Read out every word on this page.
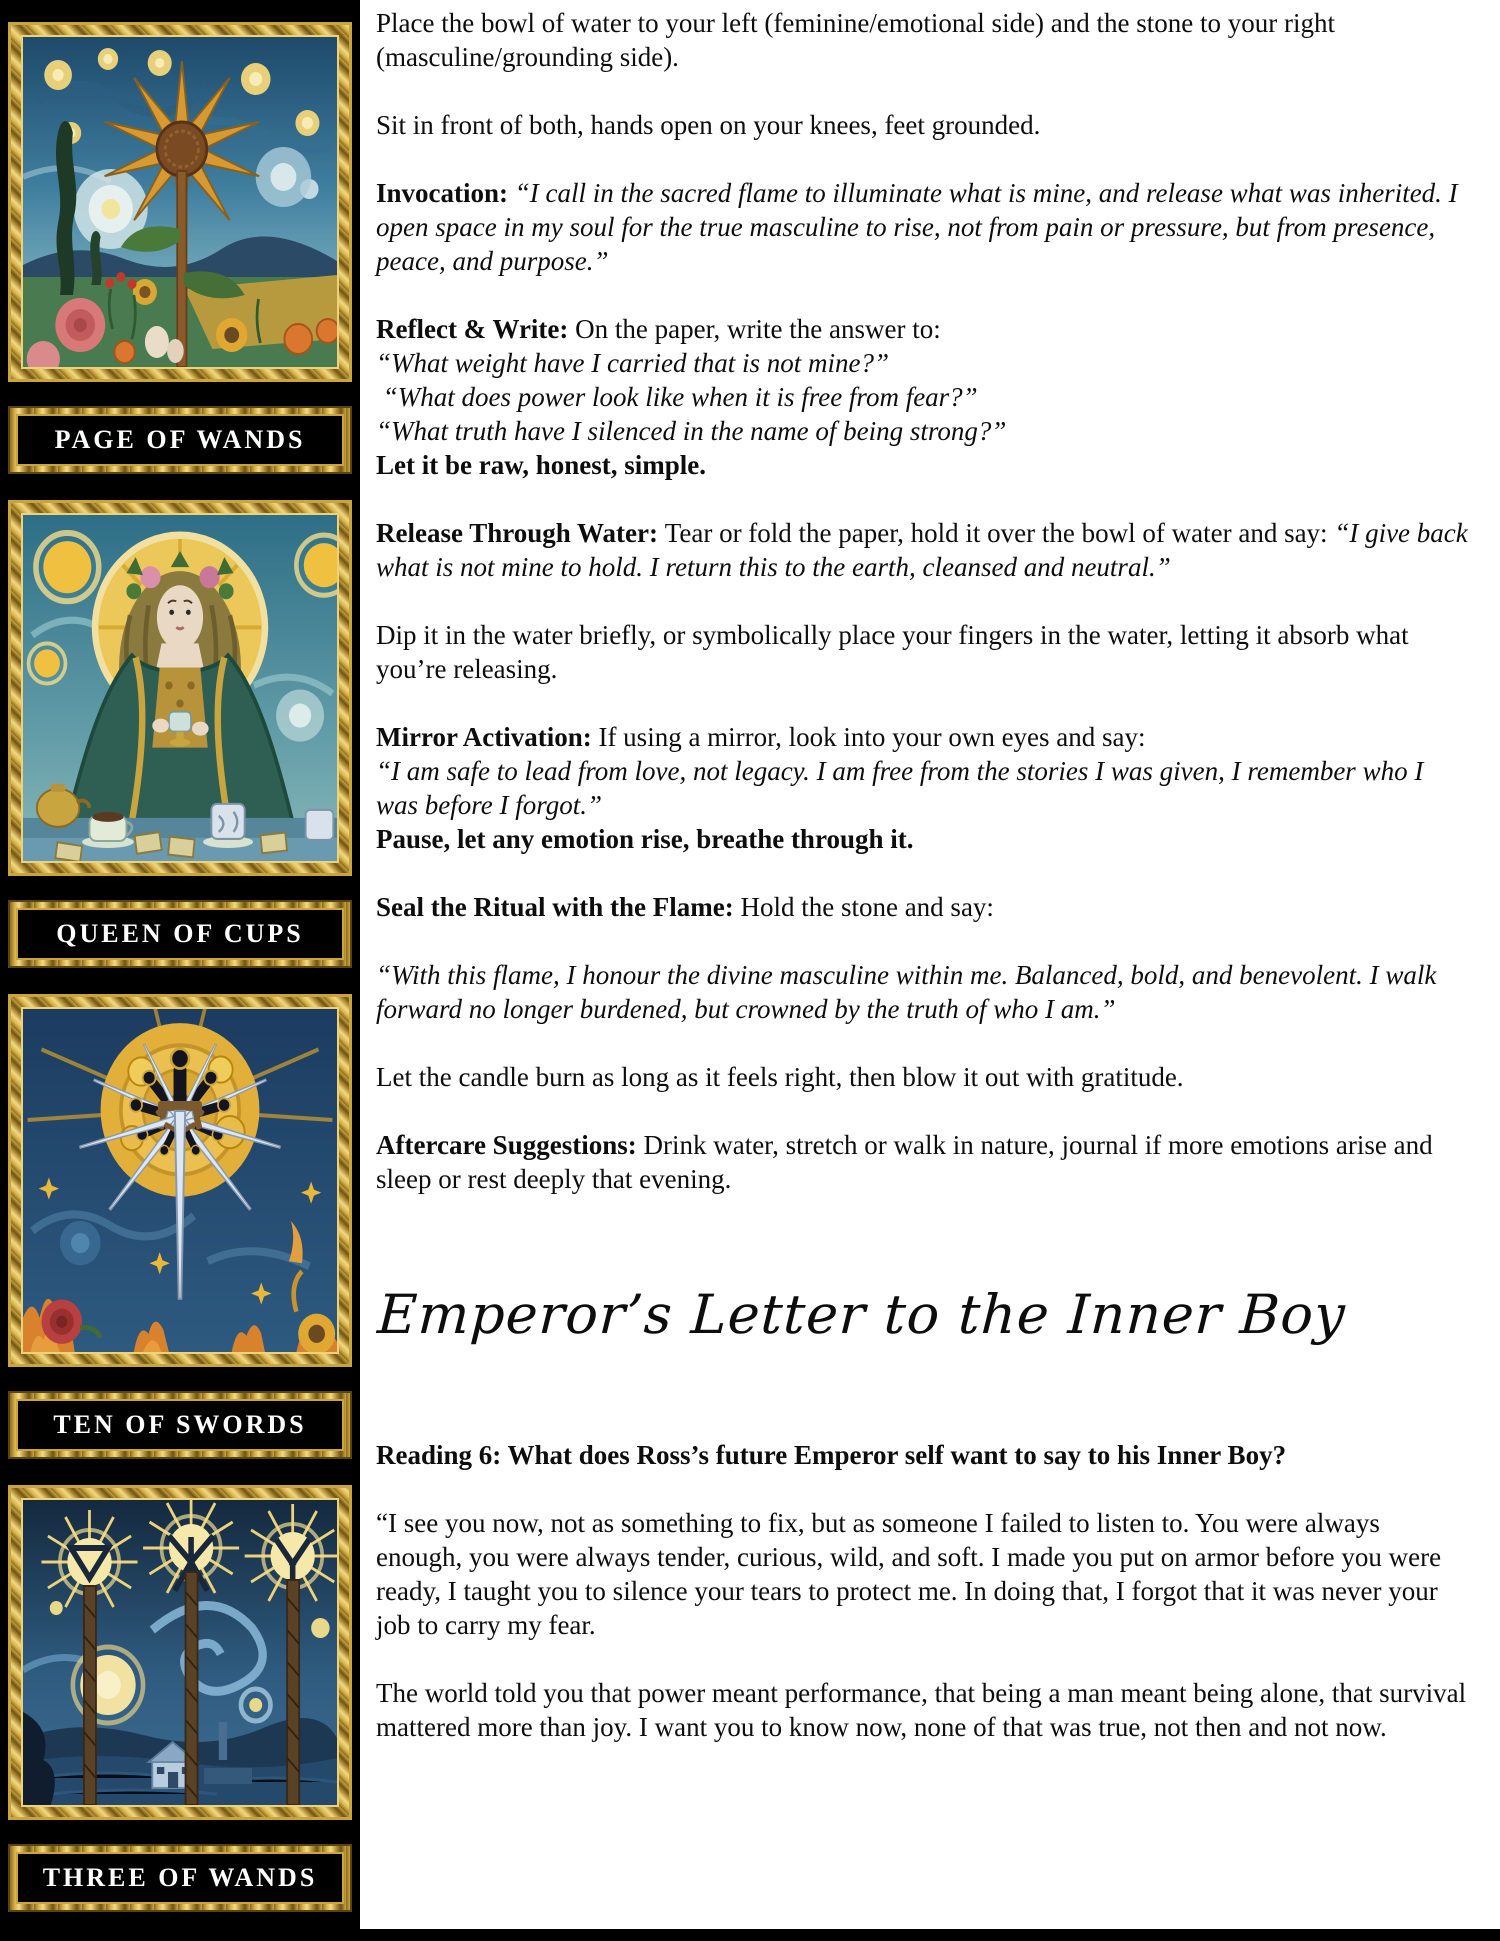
PAGE OF WANDS
QUEEN OF CUPS
TEN OF SWORDS
THREE OF WANDS

Place the bowl of water to your left (feminine/emotional side) and the stone to your right (masculine/grounding side).

Sit in front of both, hands open on your knees, feet grounded.

Invocation: “I call in the sacred flame to illuminate what is mine, and release what was inherited. I open space in my soul for the true masculine to rise, not from pain or pressure, but from presence, peace, and purpose.”

Reflect & Write: On the paper, write the answer to:
“What weight have I carried that is not mine?”
“What does power look like when it is free from fear?”
“What truth have I silenced in the name of being strong?”
Let it be raw, honest, simple.

Release Through Water: Tear or fold the paper, hold it over the bowl of water and say: “I give back what is not mine to hold. I return this to the earth, cleansed and neutral.”

Dip it in the water briefly, or symbolically place your fingers in the water, letting it absorb what you’re releasing.

Mirror Activation: If using a mirror, look into your own eyes and say:
“I am safe to lead from love, not legacy. I am free from the stories I was given, I remember who I was before I forgot.”
Pause, let any emotion rise, breathe through it.

Seal the Ritual with the Flame: Hold the stone and say:

“With this flame, I honour the divine masculine within me. Balanced, bold, and benevolent. I walk forward no longer burdened, but crowned by the truth of who I am.”

Let the candle burn as long as it feels right, then blow it out with gratitude.

Aftercare Suggestions: Drink water, stretch or walk in nature, journal if more emotions arise and sleep or rest deeply that evening.

Emperor’s Letter to the Inner Boy

Reading 6: What does Ross’s future Emperor self want to say to his Inner Boy?

“I see you now, not as something to fix, but as someone I failed to listen to. You were always enough, you were always tender, curious, wild, and soft. I made you put on armor before you were ready, I taught you to silence your tears to protect me. In doing that, I forgot that it was never your job to carry my fear.

The world told you that power meant performance, that being a man meant being alone, that survival mattered more than joy. I want you to know now, none of that was true, not then and not now.
